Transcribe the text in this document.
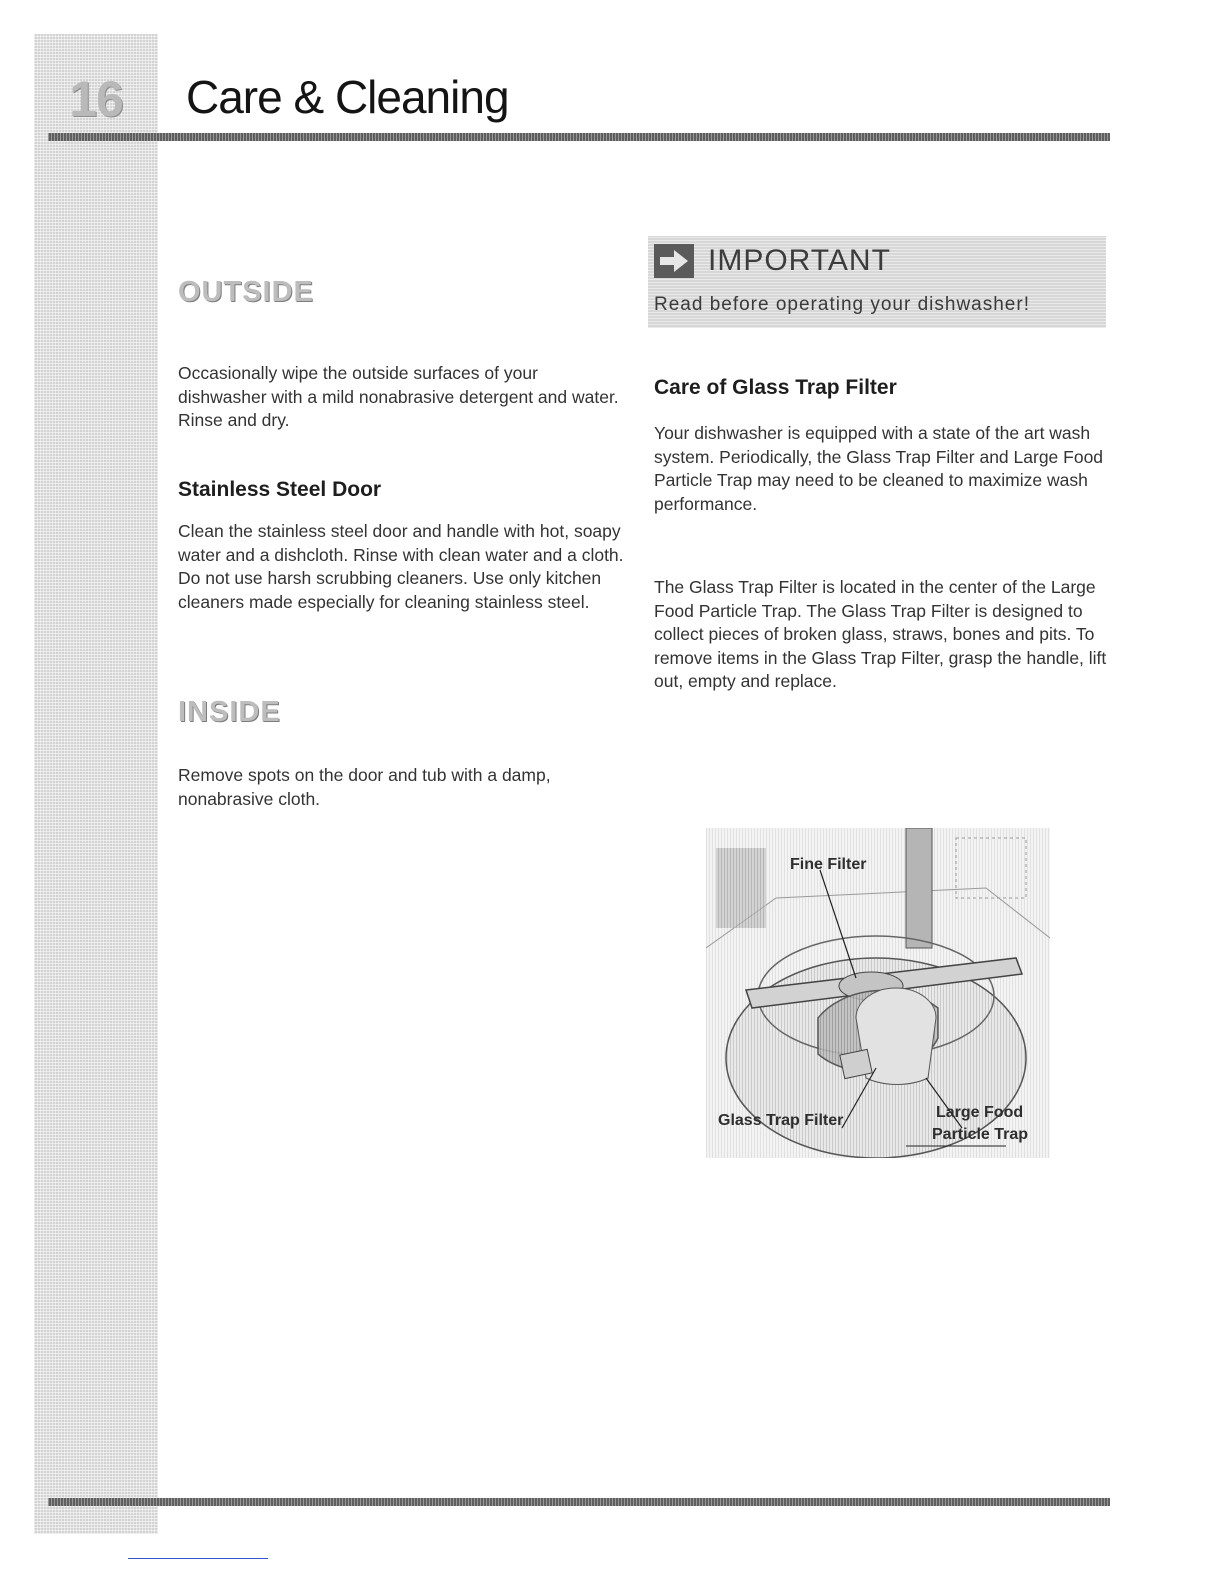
16 Care & Cleaning
OUTSIDE

Occasionally wipe the outside surfaces of your dishwasher with a mild nonabrasive detergent and water. Rinse and dry.

Stainless Steel Door

Clean the stainless steel door and handle with hot, soapy water and a dishcloth. Rinse with clean water and a cloth. Do not use harsh scrubbing cleaners. Use only kitchen cleaners made especially for cleaning stainless steel.

INSIDE

Remove spots on the door and tub with a damp, nonabrasive cloth.

IMPORTANT
Read before operating your dishwasher!
Care of Glass Trap Filter

Your dishwasher is equipped with a state of the art wash system. Periodically, the Glass Trap Filter and Large Food Particle Trap may need to be cleaned to maximize wash performance.

The Glass Trap Filter is located in the center of the Large Food Particle Trap. The Glass Trap Filter is designed to collect pieces of broken glass, straws, bones and pits. To remove items in the Glass Trap Filter, grasp the handle, lift out, empty and replace.

Fine Filter
Glass Trap Filter	Large Food
Particle Trap
